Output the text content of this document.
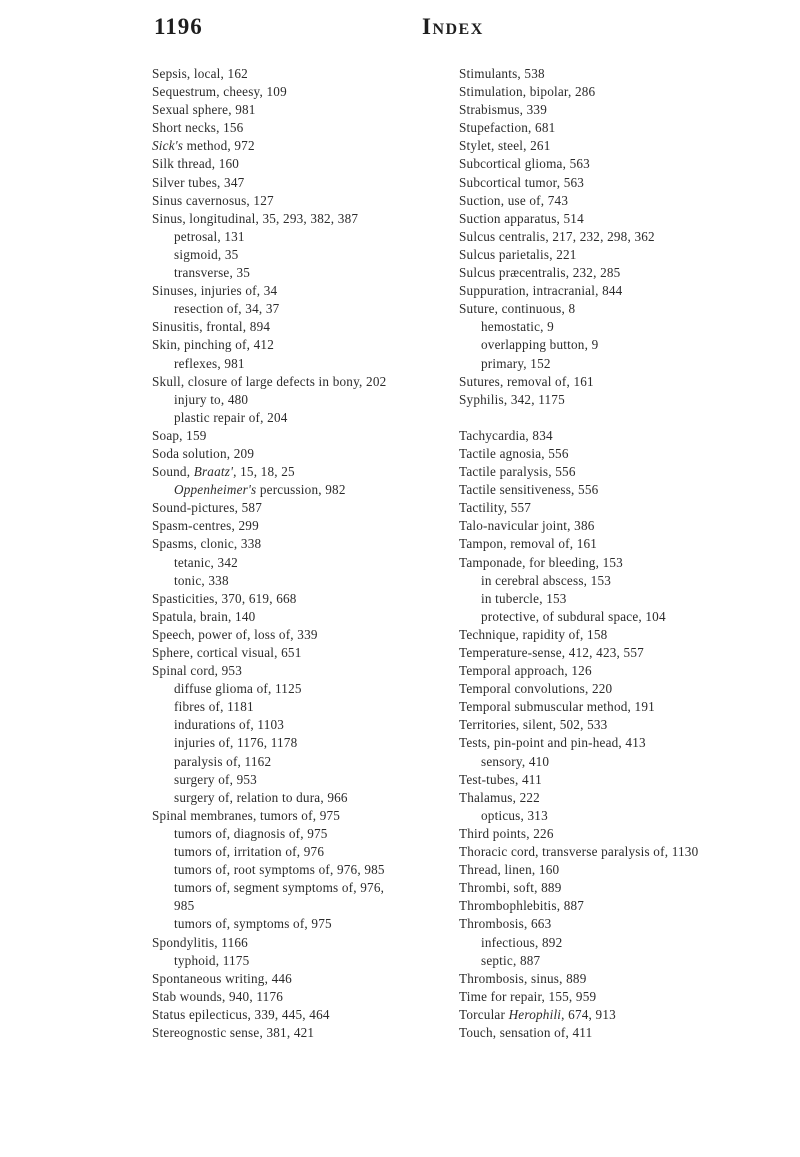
1196	Index
Sepsis, local, 162
Sequestrum, cheesy, 109
Sexual sphere, 981
Short necks, 156
Sick's method, 972
Silk thread, 160
Silver tubes, 347
Sinus cavernosus, 127
Sinus, longitudinal, 35, 293, 382, 387
petrosal, 131
sigmoid, 35
transverse, 35
Sinuses, injuries of, 34
resection of, 34, 37
Sinusitis, frontal, 894
Skin, pinching of, 412
reflexes, 981
Skull, closure of large defects in bony, 202
injury to, 480
plastic repair of, 204
Soap, 159
Soda solution, 209
Sound, Braatz', 15, 18, 25
Oppenheimer's percussion, 982
Sound-pictures, 587
Spasm-centres, 299
Spasms, clonic, 338
tetanic, 342
tonic, 338
Spasticities, 370, 619, 668
Spatula, brain, 140
Speech, power of, loss of, 339
Sphere, cortical visual, 651
Spinal cord, 953
diffuse glioma of, 1125
fibres of, 1181
indurations of, 1103
injuries of, 1176, 1178
paralysis of, 1162
surgery of, 953
surgery of, relation to dura, 966
Spinal membranes, tumors of, 975
tumors of, diagnosis of, 975
tumors of, irritation of, 976
tumors of, root symptoms of, 976, 985
tumors of, segment symptoms of, 976,
985
tumors of, symptoms of, 975
Spondylitis, 1166
typhoid, 1175
Spontaneous writing, 446
Stab wounds, 940, 1176
Status epilecticus, 339, 445, 464
Stereognostic sense, 381, 421
Stimulants, 538
Stimulation, bipolar, 286
Strabismus, 339
Stupefaction, 681
Stylet, steel, 261
Subcortical glioma, 563
Subcortical tumor, 563
Suction, use of, 743
Suction apparatus, 514
Sulcus centralis, 217, 232, 298, 362
Sulcus parietalis, 221
Sulcus præcentralis, 232, 285
Suppuration, intracranial, 844
Suture, continuous, 8
hemostatic, 9
overlapping button, 9
primary, 152
Sutures, removal of, 161
Syphilis, 342, 1175
Tachycardia, 834
Tactile agnosia, 556
Tactile paralysis, 556
Tactile sensitiveness, 556
Tactility, 557
Talo-navicular joint, 386
Tampon, removal of, 161
Tamponade, for bleeding, 153
in cerebral abscess, 153
in tubercle, 153
protective, of subdural space, 104
Technique, rapidity of, 158
Temperature-sense, 412, 423, 557
Temporal approach, 126
Temporal convolutions, 220
Temporal submuscular method, 191
Territories, silent, 502, 533
Tests, pin-point and pin-head, 413
sensory, 410
Test-tubes, 411
Thalamus, 222
opticus, 313
Third points, 226
Thoracic cord, transverse paralysis of, 1130
Thread, linen, 160
Thrombi, soft, 889
Thrombophlebitis, 887
Thrombosis, 663
infectious, 892
septic, 887
Thrombosis, sinus, 889
Time for repair, 155, 959
Torcular Herophili, 674, 913
Touch, sensation of, 411
